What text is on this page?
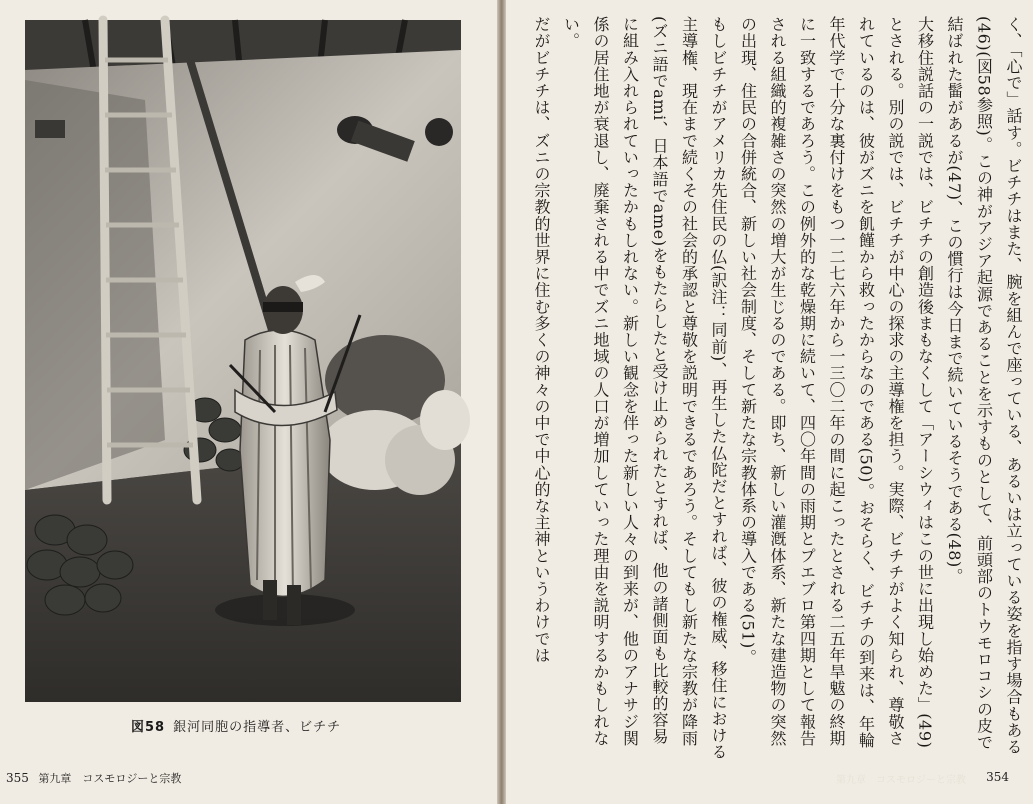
図58 銀河同胞の指導者、ビチチ
355 第九章　コスモロジーと宗教

く、「心で」話す。ビチチはまた、腕を組んで座っている、あるいは立っている姿を指す場合もある(46)(図58参照)。この神がアジア起源であることを示すものとして、前頭部のトウモロコシの皮で結ばれた髷があるが(47)、この慣行は今日まで続いているそうである(48)。

大移住説話の一説では、ビチチの創造後まもなくして「アーシウィはこの世に出現し始めた」(49)とされる。別の説では、ビチチが中心の探求の主導権を担う。実際、ビチチがよく知られ、尊敬されているのは、彼がズニを飢饉から救ったからなのである(50)。おそらく、ビチチの到来は、年輪年代学で十分な裏付けをもつ一二七六年から一三〇二年の間に起こったとされる二五年旱魃の終期に一致するであろう。この例外的な乾燥期に続いて、四〇年間の雨期とプエブロ第四期として報告される組織的複雑さの突然の増大が生じるのである。即ち、新しい灌漑体系、新たな建造物の突然の出現、住民の合併統合、新しい社会制度、そして新たな宗教体系の導入である(51)。

もしビチチがアメリカ先住民の仏(訳注：同前)、再生した仏陀だとすれば、彼の権威、移住における主導権、現在まで続くその社会的承認と尊敬を説明できるであろう。そしてもし新たな宗教が降雨(ズニ語でami、日本語でame)をもたらしたと受け止められたとすれば、他の諸側面も比較的容易に組み入れられていったかもしれない。新しい観念を伴った新しい人々の到来が、他のアナサジ関係の居住地が衰退し、廃棄される中でズニ地域の人口が増加していった理由を説明するかもしれない。

だがビチチは、ズニの宗教的世界に住む多くの神々の中で中心的な主神というわけでは

第九章　コスモロジーと宗教 354
